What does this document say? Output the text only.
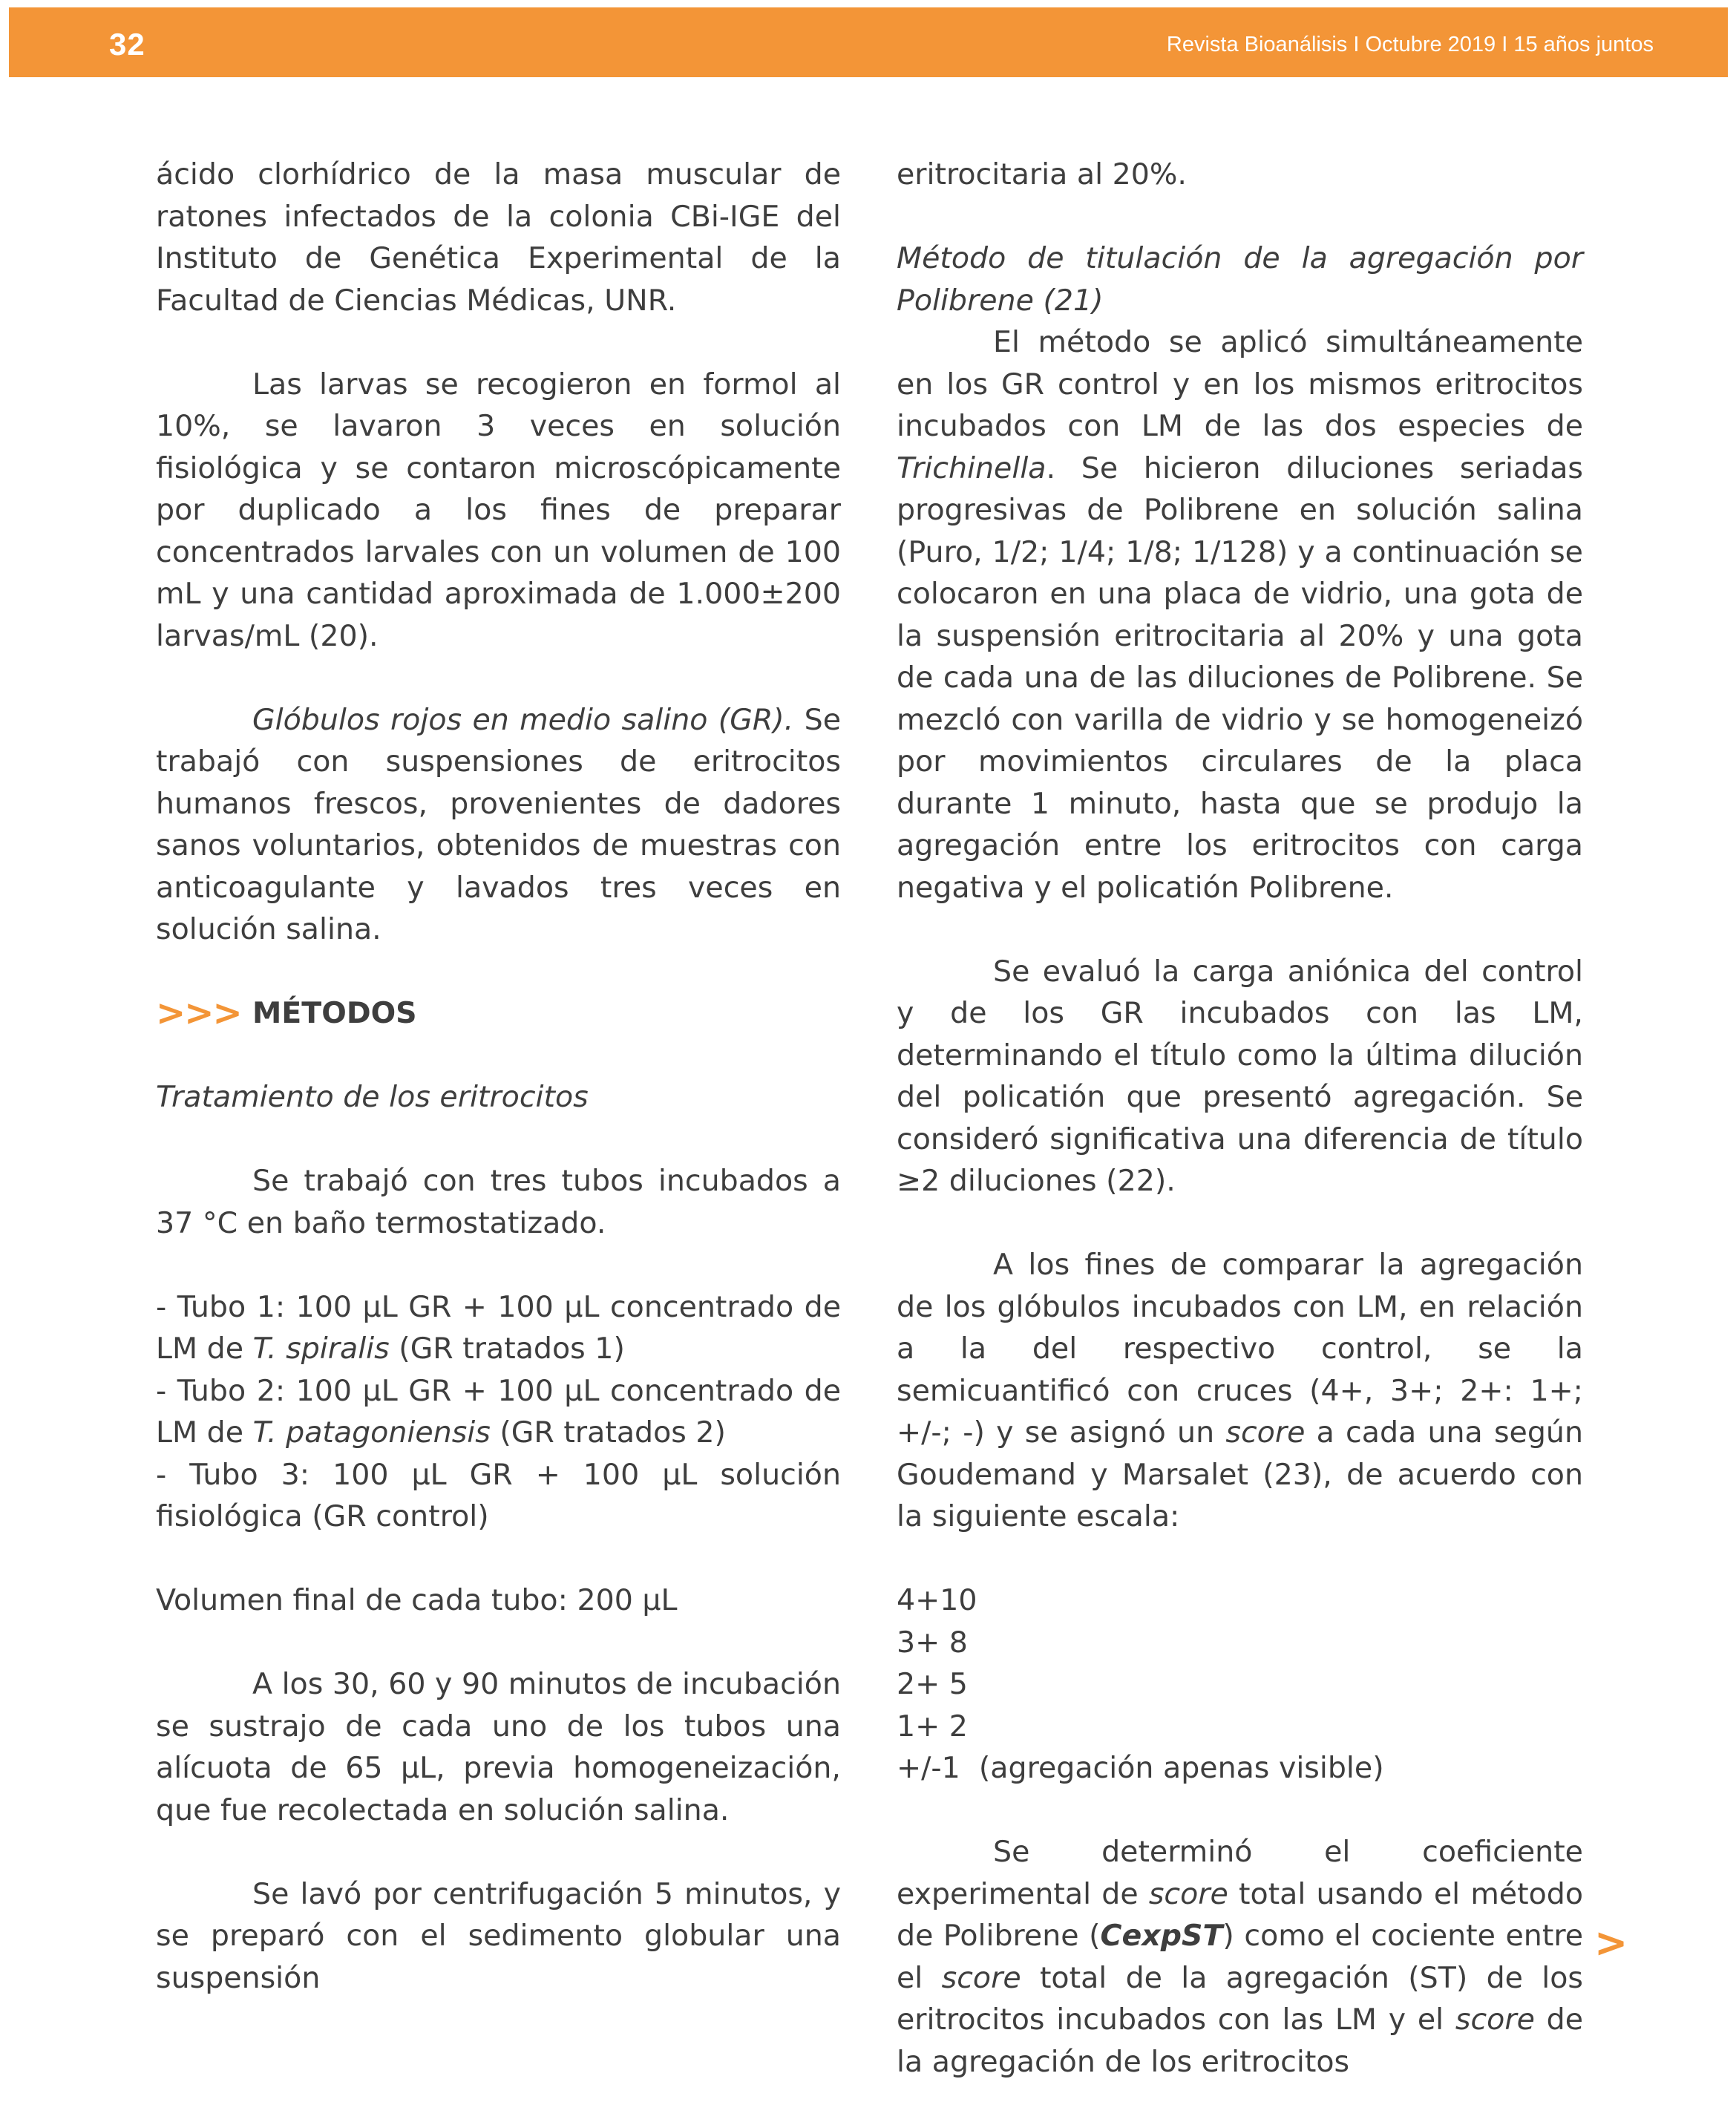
32	Revista Bioanálisis I Octubre 2019 I 15 años juntos

ácido clorhídrico de la masa muscular de ratones infectados de la colonia CBi-IGE del Instituto de Genética Experimental de la Facultad de Ciencias Médicas, UNR.

Las larvas se recogieron en formol al 10%, se lavaron 3 veces en solución fisiológica y se contaron microscópicamente por duplicado a los fines de preparar concentrados larvales con un volumen de 100 mL y una cantidad aproximada de 1.000±200 larvas/mL (20).

Glóbulos rojos en medio salino (GR). Se trabajó con suspensiones de eritrocitos humanos frescos, provenientes de dadores sanos voluntarios, obtenidos de muestras con anticoagulante y lavados tres veces en solución salina.

>>> MÉTODOS

Tratamiento de los eritrocitos

Se trabajó con tres tubos incubados a 37 °C en baño termostatizado.

- Tubo 1: 100 μL GR + 100 μL concentrado de LM de T. spiralis (GR tratados 1)

- Tubo 2: 100 μL GR + 100 μL concentrado de LM de T. patagoniensis (GR tratados 2)

- Tubo 3: 100 μL GR + 100 μL solución fisiológica (GR control)

Volumen final de cada tubo: 200 μL

A los 30, 60 y 90 minutos de incubación se sustrajo de cada uno de los tubos una alícuota de 65 μL, previa homogeneización, que fue recolectada en solución salina.

Se lavó por centrifugación 5 minutos, y se preparó con el sedimento globular una suspensión

eritrocitaria al 20%.

Método de titulación de la agregación por Polibrene (21)

El método se aplicó simultáneamente en los GR control y en los mismos eritrocitos incubados con LM de las dos especies de Trichinella. Se hicieron diluciones seriadas progresivas de Polibrene en solución salina (Puro, 1/2; 1/4; 1/8; 1/128) y a continuación se colocaron en una placa de vidrio, una gota de la suspensión eritrocitaria al 20% y una gota de cada una de las diluciones de Polibrene. Se mezcló con varilla de vidrio y se homogeneizó por movimientos circulares de la placa durante 1 minuto, hasta que se produjo la agregación entre los eritrocitos con carga negativa y el policatión Polibrene.

Se evaluó la carga aniónica del control y de los GR incubados con las LM, determinando el título como la última dilución del policatión que presentó agregación. Se consideró significativa una diferencia de título ≥2 diluciones (22).

A los fines de comparar la agregación de los glóbulos incubados con LM, en relación a la del respectivo control, se la semicuantificó con cruces (4+, 3+; 2+: 1+; +/-; -) y se asignó un score a cada una según Goudemand y Marsalet (23), de acuerdo con la siguiente escala:

4+10
3+ 8
2+ 5
1+ 2
+/-1  (agregación apenas visible)

Se determinó el coeficiente experimental de score total usando el método de Polibrene (CexpST) como el cociente entre el score total de la agregación (ST) de los eritrocitos incubados con las LM y el score de la agregación de los eritrocitos

>
